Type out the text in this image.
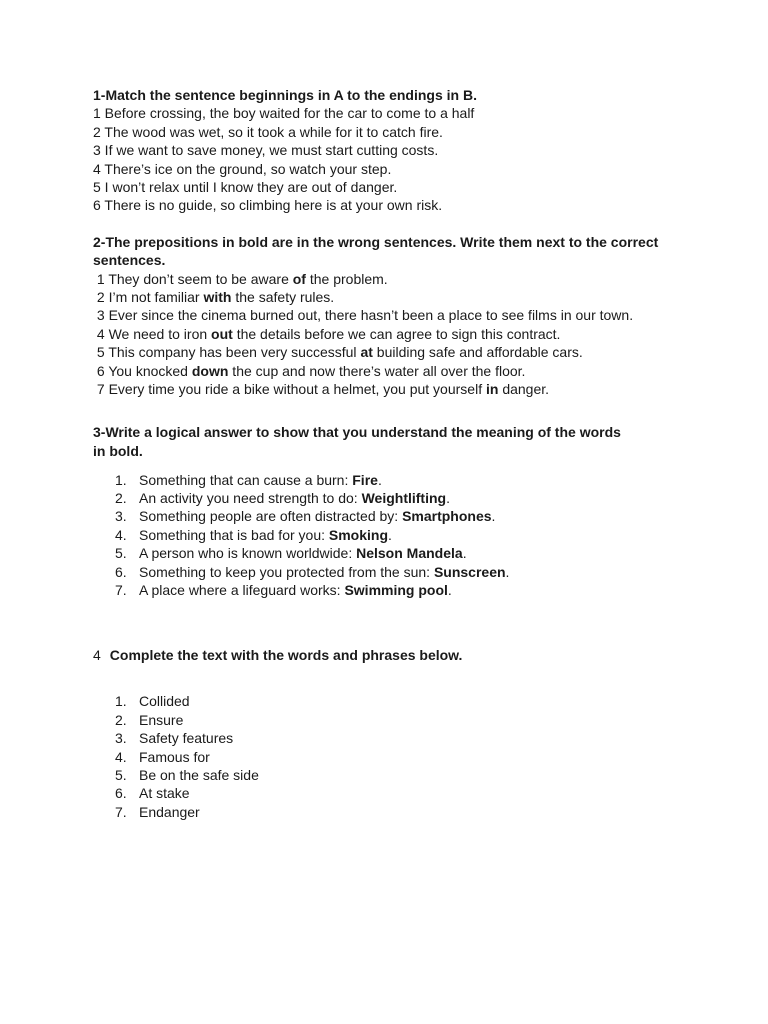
1-Match the sentence beginnings in A to the endings in B.
1 Before crossing, the boy waited for the car to come to a half
2 The wood was wet, so it took a while for it to catch fire.
3 If we want to save money, we must start cutting costs.
4 There’s ice on the ground, so watch your step.
5 I won’t relax until I know they are out of danger.
6 There is no guide, so climbing here is at your own risk.
2-The prepositions in bold are in the wrong sentences. Write them next to the correct
sentences.
1 They don’t seem to be aware of the problem.
2 I’m not familiar with the safety rules.
3 Ever since the cinema burned out, there hasn’t been a place to see films in our town.
4 We need to iron out the details before we can agree to sign this contract.
5 This company has been very successful at building safe and affordable cars.
6 You knocked down the cup and now there’s water all over the floor.
7 Every time you ride a bike without a helmet, you put yourself in danger.
3-Write a logical answer to show that you understand the meaning of the words
in bold.
1. Something that can cause a burn: Fire.
2. An activity you need strength to do: Weightlifting.
3. Something people are often distracted by: Smartphones.
4. Something that is bad for you: Smoking.
5. A person who is known worldwide: Nelson Mandela.
6. Something to keep you protected from the sun: Sunscreen.
7. A place where a lifeguard works: Swimming pool.
4 Complete the text with the words and phrases below.
1. Collided
2. Ensure
3. Safety features
4. Famous for
5. Be on the safe side
6. At stake
7. Endanger
